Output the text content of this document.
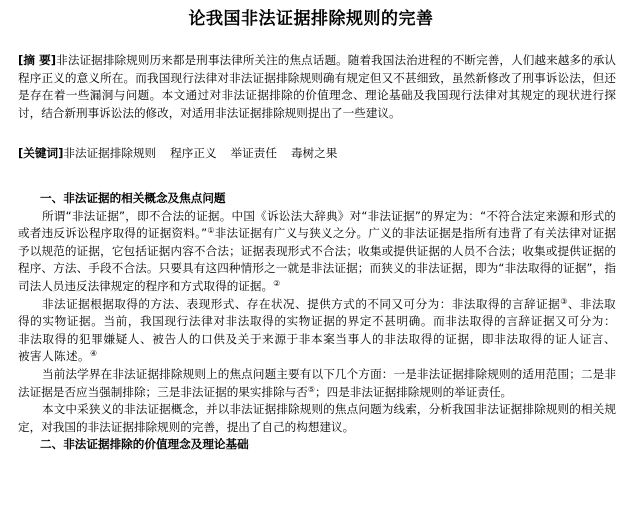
论我国非法证据排除规则的完善

[摘 要]非法证据排除规则历来都是刑事法律所关注的焦点话题。随着我国法治进程的不断完善，人们越来越多的承认程序正义的意义所在。而我国现行法律对非法证据排除规则确有规定但又不甚细致，虽然新修改了刑事诉讼法，但还是存在着一些漏洞与问题。本文通过对非法证据排除的价值理念、理论基础及我国现行法律对其规定的现状进行探讨，结合新刑事诉讼法的修改，对适用非法证据排除规则提出了一些建议。

[关键词]非法证据排除规则 程序正义 举证责任 毒树之果

一、非法证据的相关概念及焦点问题

所谓“非法证据”，即不合法的证据。中国《诉讼法大辞典》对“非法证据”的界定为：“不符合法定来源和形式的或者违反诉讼程序取得的证据资料。”①非法证据有广义与狭义之分。广义的非法证据是指所有违背了有关法律对证据予以规范的证据，它包括证据内容不合法；证据表现形式不合法；收集或提供证据的人员不合法；收集或提供证据的程序、方法、手段不合法。只要具有这四种情形之一就是非法证据；而狭义的非法证据，即为“非法取得的证据”，指司法人员违反法律规定的程序和方式取得的证据。②

非法证据根据取得的方法、表现形式、存在状况、提供方式的不同又可分为：非法取得的言辞证据③、非法取得的实物证据。当前，我国现行法律对非法取得的实物证据的界定不甚明确。而非法取得的言辞证据又可分为：非法取得的犯罪嫌疑人、被告人的口供及关于来源于非本案当事人的非法取得的证据，即非法取得的证人证言、被害人陈述。④

当前法学界在非法证据排除规则上的焦点问题主要有以下几个方面：一是非法证据排除规则的适用范围；二是非法证据是否应当强制排除；三是非法证据的果实排除与否⑤；四是非法证据排除规则的举证责任。

本文中采狭义的非法证据概念，并以非法证据排除规则的焦点问题为线索，分析我国非法证据排除规则的相关规定，对我国的非法证据排除规则的完善，提出了自己的构想建议。

二、非法证据排除的价值理念及理论基础
